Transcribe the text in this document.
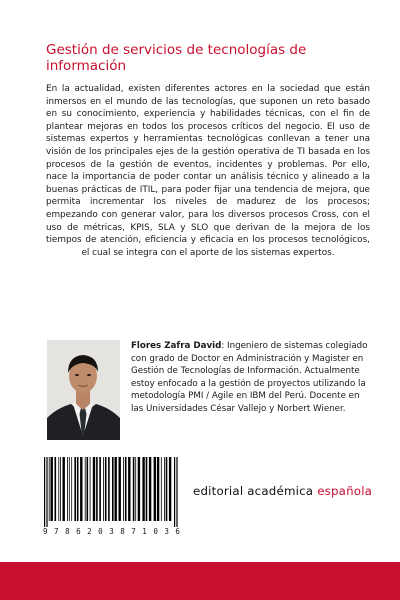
Gestión de servicios de tecnologías de información
En la actualidad, existen diferentes actores en la sociedad que están inmersos en el mundo de las tecnologías, que suponen un reto basado en su conocimiento, experiencia y habilidades técnicas, con el fin de plantear mejoras en todos los procesos críticos del negocio. El uso de sistemas expertos y herramientas tecnológicas conllevan a tener una visión de los principales ejes de la gestión operativa de TI basada en los procesos de la gestión de eventos, incidentes y problemas. Por ello, nace la importancia de poder contar un análisis técnico y alineado a la buenas prácticas de ITIL, para poder fijar una tendencia de mejora, que permita incrementar los niveles de madurez de los procesos; empezando con generar valor, para los diversos procesos Cross, con el uso de métricas, KPIS, SLA y SLO que derivan de la mejora de los tiempos de atención, eficiencia y eficacia en los procesos tecnológicos, el cual se integra con el aporte de los sistemas expertos.
Flores Zafra David: Ingeniero de sistemas colegiado con grado de Doctor en Administración y Magister en Gestión de Tecnologías de Información. Actualmente estoy enfocado a la gestión de proyectos utilizando la metodología PMI / Agile en IBM del Perú. Docente en las Universidades César Vallejo y Norbert Wiener.
9 7 8 6 2 0 3 8 7 1 0 3 6
editorial académica española
